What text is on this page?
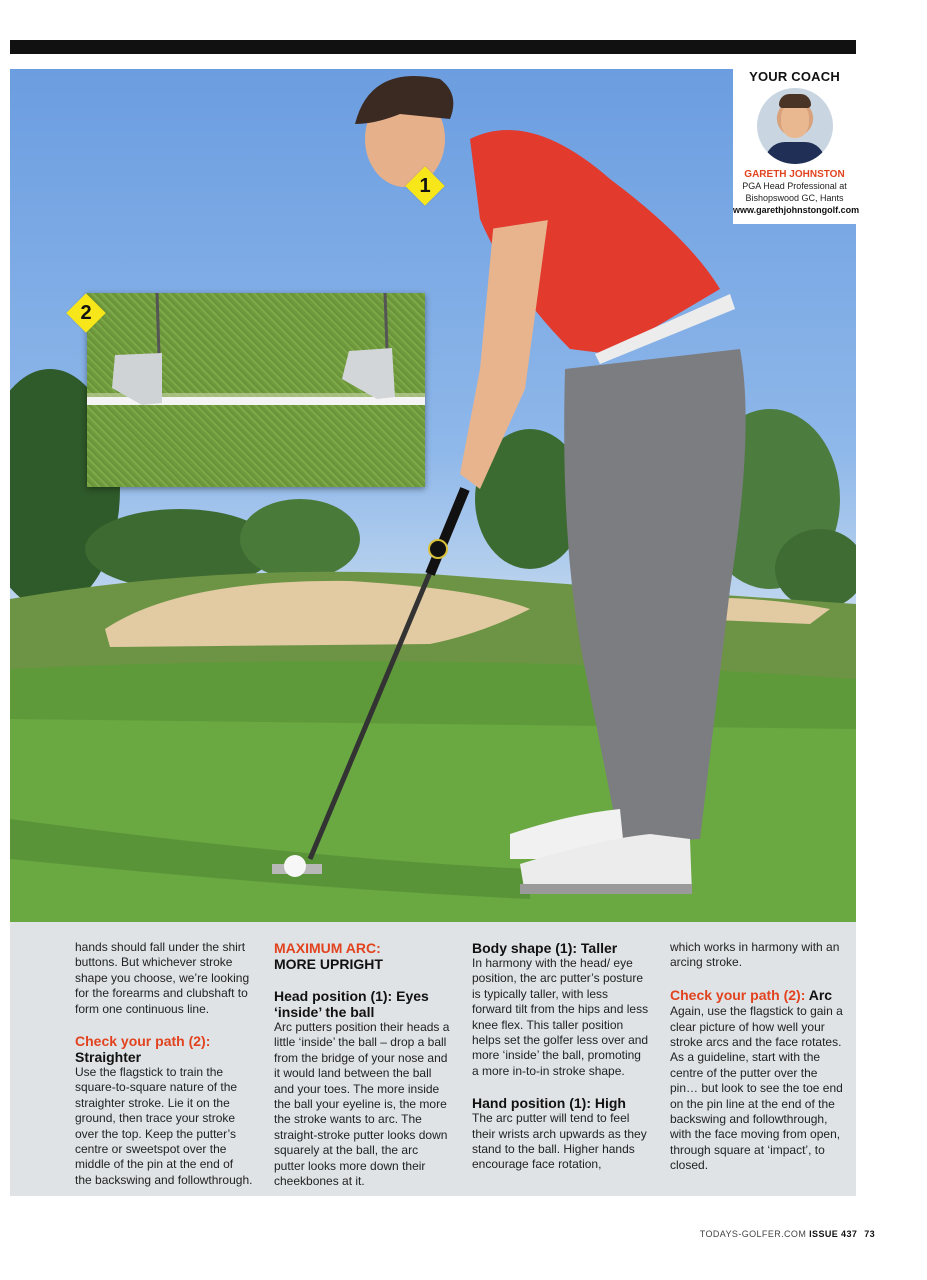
1
2
YOUR COACH
GARETH JOHNSTON
PGA Head Professional at
Bishopswood GC, Hants
www.garethjohnstongolf.com

hands should fall under the shirt buttons. But whichever stroke shape you choose, we’re looking for the forearms and clubshaft to form one continuous line.

Check your path (2):
Straighter

Use the flagstick to train the square-to-square nature of the straighter stroke. Lie it on the ground, then trace your stroke over the top. Keep the putter’s centre or sweetspot over the middle of the pin at the end of the backswing and followthrough.

MAXIMUM ARC:
MORE UPRIGHT
Head position (1): Eyes ‘inside’ the ball

Arc putters position their heads a little ‘inside’ the ball – drop a ball from the bridge of your nose and it would land between the ball and your toes. The more inside the ball your eyeline is, the more the stroke wants to arc. The straight-stroke putter looks down squarely at the ball, the arc putter looks more down their cheekbones at it.

Body shape (1): Taller

In harmony with the head/ eye position, the arc putter’s posture is typically taller, with less forward tilt from the hips and less knee flex. This taller position helps set the golfer less over and more ‘inside’ the ball, promoting a more in-to-in stroke shape.

Hand position (1): High

The arc putter will tend to feel their wrists arch upwards as they stand to the ball. Higher hands encourage face rotation,

which works in harmony with an arcing stroke.

Check your path (2): Arc

Again, use the flagstick to gain a clear picture of how well your stroke arcs and the face rotates. As a guideline, start with the centre of the putter over the pin… but look to see the toe end on the pin line at the end of the backswing and followthrough, with the face moving from open, through square at ‘impact’, to closed.

TODAYS-GOLFER.COM ISSUE 437 73
